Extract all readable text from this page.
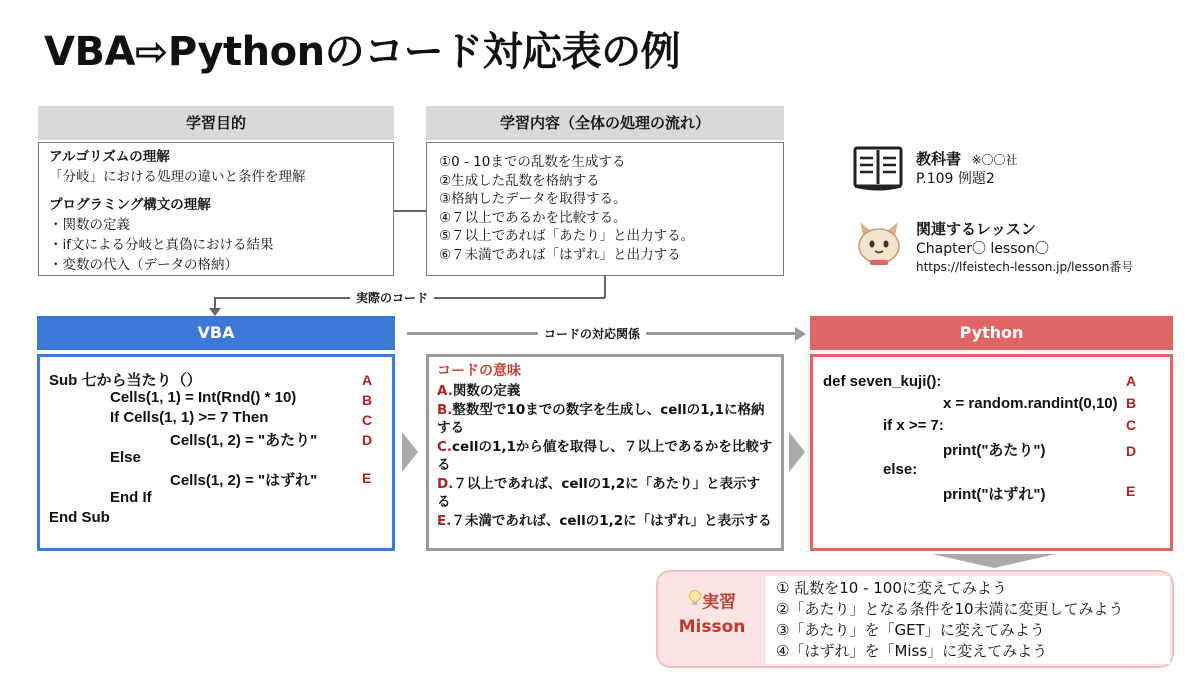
VBA⇨Pythonのコード対応表の例
学習目的
アルゴリズムの理解
「分岐」における処理の違いと条件を理解
プログラミング構文の理解
・関数の定義
・if文による分岐と真偽における結果
・変数の代入（データの格納）
学習内容（全体の処理の流れ）
①0 - 10までの乱数を生成する
②生成した乱数を格納する
③格納したデータを取得する。
④７以上であるかを比較する。
⑤７以上であれば「あたり」と出力する。
⑥７未満であれば「はずれ」と出力する
実際のコード
VBA
Sub 七から当たり（）
Cells(1, 1) = Int(Rnd() * 10)
If Cells(1, 1) >= 7 Then
Cells(1, 2) = "あたり"
Else
Cells(1, 2) = "はずれ"
End If
End Sub
A
B
C
D
E
コードの対応関係
コードの意味
A.関数の定義
B.整数型で10までの数字を生成し、cellの1,1に格納する
C.cellの1,1から値を取得し、７以上であるかを比較する
D.７以上であれば、cellの1,2に「あたり」と表示する
E.７未満であれば、cellの1,2に「はずれ」と表示する
Python
def seven_kuji():
x = random.randint(0,10)
if x >= 7:
print("あたり")
else:
print("はずれ")
A
B
C
D
E
教科書 ※〇〇社
P.109 例題2
関連するレッスン
Chapter〇 lesson〇
https://lfeistech-lesson.jp/lesson番号
実習
Misson
① 乱数を10 - 100に変えてみよう
②「あたり」となる条件を10未満に変更してみよう
③「あたり」を「GET」に変えてみよう
④「はずれ」を「Miss」に変えてみよう
